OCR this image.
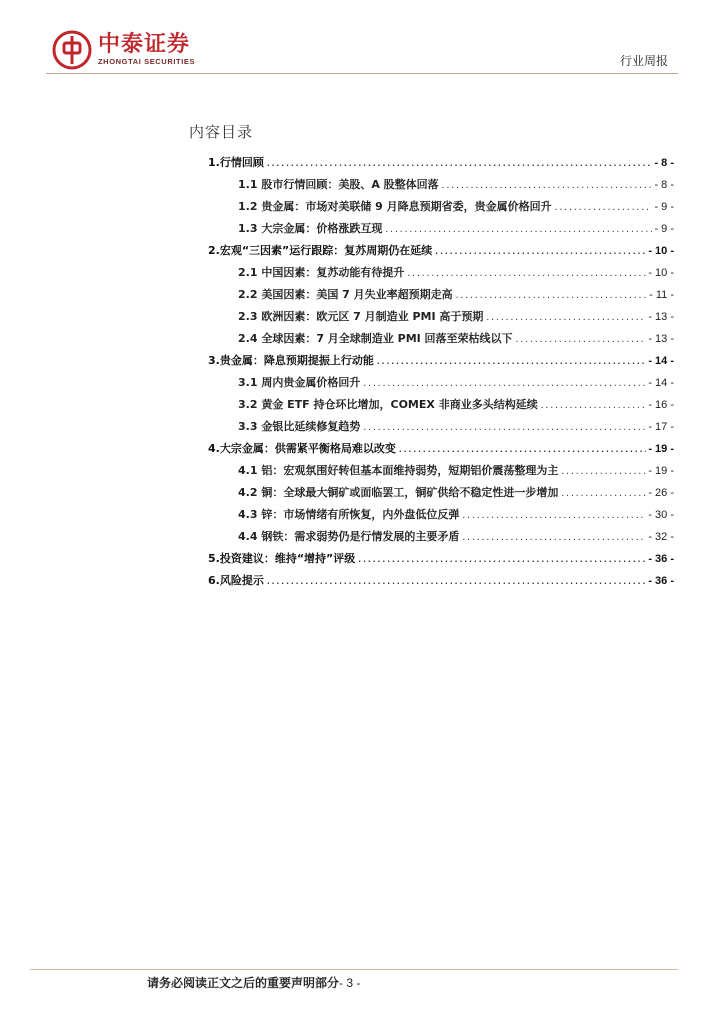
中泰证券
ZHONGTAI SECURITIES	行业周报
内容目录
1.行情回顾 .....	- 8 -
1.1 股市行情回顾：美股、A 股整体回落 .....	- 8 -
1.2 贵金属：市场对美联储 9 月降息预期省委，贵金属价格回升 .....	- 9 -
1.3 大宗金属：价格涨跌互现 .....	- 9 -
2.宏观“三因素”运行跟踪：复苏周期仍在延续 .....	- 10 -
2.1 中国因素：复苏动能有待提升 .....	- 10 -
2.2 美国因素：美国 7 月失业率超预期走高 .....	- 11 -
2.3 欧洲因素：欧元区 7 月制造业 PMI 高于预期 .....	- 13 -
2.4 全球因素：7 月全球制造业 PMI 回落至荣枯线以下 .....	- 13 -
3.贵金属：降息预期提振上行动能 .....	- 14 -
3.1 周内贵金属价格回升 .....	- 14 -
3.2 黄金 ETF 持仓环比增加，COMEX 非商业多头结构延续 .....	- 16 -
3.3 金银比延续修复趋势 .....	- 17 -
4.大宗金属：供需紧平衡格局难以改变 .....	- 19 -
4.1 铝：宏观氛围好转但基本面维持弱势，短期铝价震荡整理为主 .....	- 19 -
4.2 铜：全球最大铜矿或面临罢工，铜矿供给不稳定性进一步增加 .....	- 26 -
4.3 锌：市场情绪有所恢复，内外盘低位反弹 .....	- 30 -
4.4 钢铁：需求弱势仍是行情发展的主要矛盾 .....	- 32 -
5.投资建议：维持“增持”评级 .....	- 36 -
6.风险提示 .....	- 36 -
请务必阅读正文之后的重要声明部分- 3 -
